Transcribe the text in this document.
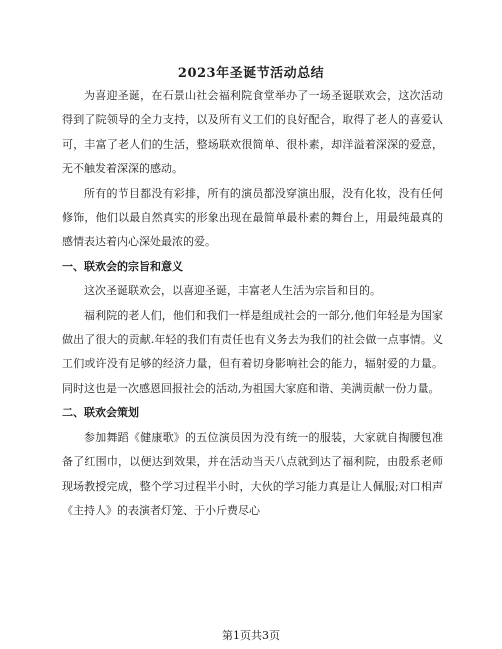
2023年圣诞节活动总结

为喜迎圣诞，在石景山社会福利院食堂举办了一场圣诞联欢会，这次活动得到了院领导的全力支持，以及所有义工们的良好配合，取得了老人的喜爱认可，丰富了老人们的生活，整场联欢很简单、很朴素，却洋溢着深深的爱意，无不触发着深深的感动。

所有的节目都没有彩排，所有的演员都没穿演出服，没有化妆，没有任何修饰，他们以最自然真实的形象出现在最简单最朴素的舞台上，用最纯最真的感情表达着内心深处最浓的爱。

一、联欢会的宗旨和意义

这次圣诞联欢会，以喜迎圣诞，丰富老人生活为宗旨和目的。

福利院的老人们，他们和我们一样是组成社会的一部分,他们年轻是为国家做出了很大的贡献.年轻的我们有责任也有义务去为我们的社会做一点事情。义工们或许没有足够的经济力量，但有着切身影响社会的能力，辐射爱的力量。同时这也是一次感恩回报社会的活动,为祖国大家庭和谐、美满贡献一份力量。

二、联欢会策划

参加舞蹈《健康歌》的五位演员因为没有统一的服装，大家就自掏腰包准备了红围巾，以便达到效果，并在活动当天八点就到达了福利院，由殷系老师现场教授完成，整个学习过程半小时，大伙的学习能力真是让人佩服;对口相声《主持人》的表演者灯笼、于小斤费尽心

第1页共3页
